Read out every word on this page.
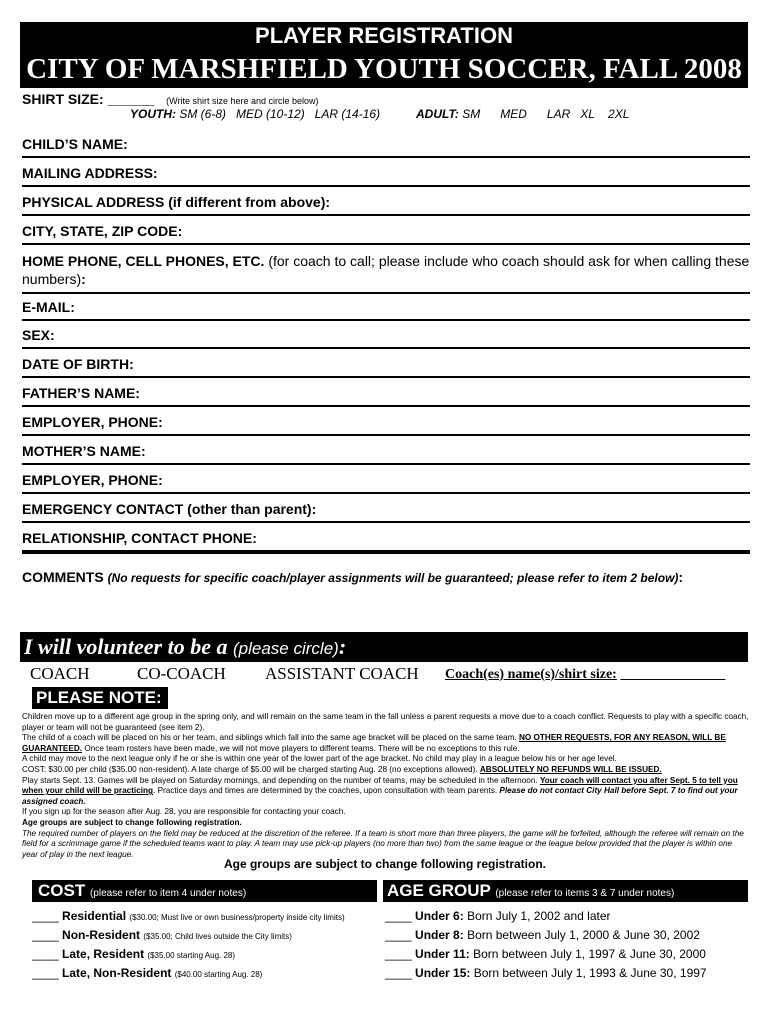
PLAYER REGISTRATION
CITY OF MARSHFIELD YOUTH SOCCER, FALL 2008
SHIRT SIZE: ______ (Write shirt size here and circle below)
YOUTH: SM (6-8)   MED (10-12)   LAR (14-16)	ADULT: SM      MED      LAR   XL    2XL
CHILD’S NAME:
MAILING ADDRESS:
PHYSICAL ADDRESS (if different from above):
CITY, STATE, ZIP CODE:
HOME PHONE, CELL PHONES, ETC. (for coach to call; please include who coach should ask for when calling these numbers):
E-MAIL:
SEX:
DATE OF BIRTH:
FATHER’S NAME:
EMPLOYER, PHONE:
MOTHER’S NAME:
EMPLOYER, PHONE:
EMERGENCY CONTACT (other than parent):
RELATIONSHIP, CONTACT PHONE:
COMMENTS (No requests for specific coach/player assignments will be guaranteed; please refer to item 2 below):
I will volunteer to be a (please circle):
COACH	CO-COACH ASSISTANT COACH Coach(es) name(s)/shirt size: _______________
PLEASE NOTE:

Children move up to a different age group in the spring only, and will remain on the same team in the fall unless a parent requests a move due to a coach conflict. Requests to play with a specific coach, player or team will not be guaranteed (see item 2).

The child of a coach will be placed on his or her team, and siblings which fall into the same age bracket will be placed on the same team. NO OTHER REQUESTS, FOR ANY REASON, WILL BE GUARANTEED. Once team rosters have been made, we will not move players to different teams. There will be no exceptions to this rule.

A child may move to the next league only if he or she is within one year of the lower part of the age bracket. No child may play in a league below his or her age level.

COST: $30.00 per child ($35.00 non-resident). A late charge of $5.00 will be charged starting Aug. 28 (no exceptions allowed). ABSOLUTELY NO REFUNDS WILL BE ISSUED.

Play starts Sept. 13. Games will be played on Saturday mornings, and depending on the number of teams, may be scheduled in the afternoon. Your coach will contact you after Sept. 5 to tell you when your child will be practicing. Practice days and times are determined by the coaches, upon consultation with team parents. Please do not contact City Hall before Sept. 7 to find out your assigned coach.

If you sign up for the season after Aug. 28, you are responsible for contacting your coach.

Age groups are subject to change following registration.

The required number of players on the field may be reduced at the discretion of the referee. If a team is short more than three players, the game will be forfeited, although the referee will remain on the field for a scrimmage game if the scheduled teams want to play. A team may use pick-up players (no more than two) from the same league or the league below provided that the player is within one year of play in the next league.

Age groups are subject to change following registration.
COST (please refer to item 4 under notes)
____ Residential ($30.00; Must live or own business/property inside city limits)
____ Non-Resident ($35.00; Child lives outside the City limits)
____ Late, Resident ($35.00 starting Aug. 28)
____ Late, Non-Resident ($40.00 starting Aug. 28)
AGE GROUP (please refer to items 3 & 7 under notes)
____ Under 6: Born July 1, 2002 and later
____ Under 8: Born between July 1, 2000 & June 30, 2002
____ Under 11: Born between July 1, 1997 & June 30, 2000
____ Under 15: Born between July 1, 1993 & June 30, 1997
